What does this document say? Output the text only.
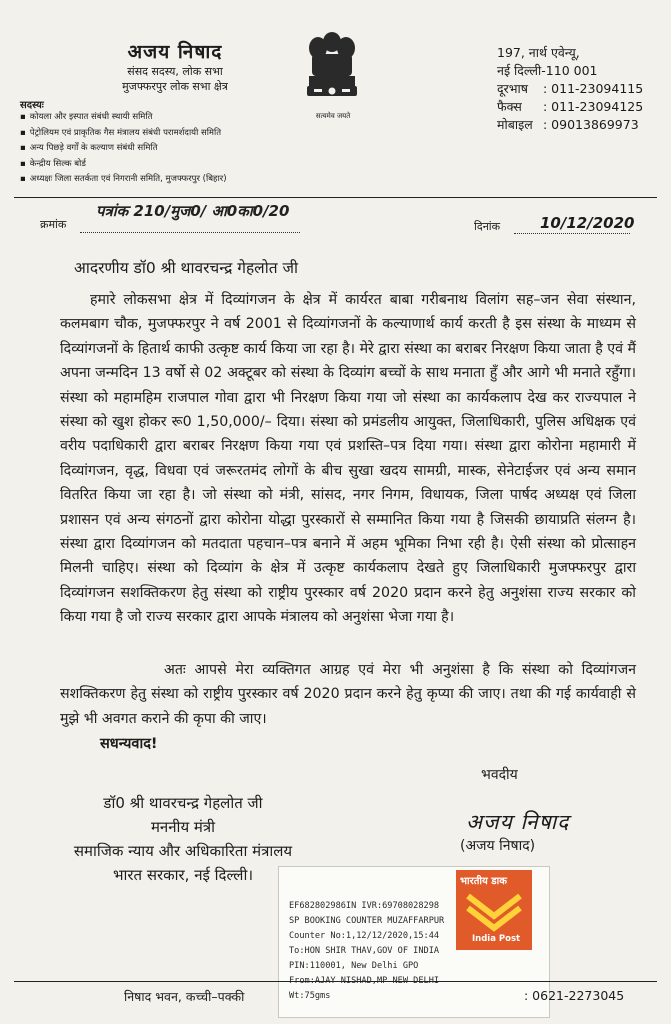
अजय निषाद
संसद सदस्य, लोक सभा
मुजफ्फरपुर लोक सभा क्षेत्र
सत्यमेव जयते
197, नार्थ एवेन्यू,
नई दिल्ली-110 001
दूरभाष : 011-23094115
फैक्स : 011-23094125
मोबाइल : 09013869973
सदस्यः
▪ कोयला और इस्पात संबंधी स्थायी समिति
▪ पेट्रोलियम एवं प्राकृतिक गैस मंत्रालय संबंधी परामर्शदायी समिति
▪ अन्य पिछड़े वर्गों के कल्याण संबंधी समिति
▪ केन्द्रीय सिल्क बोर्ड
▪ अध्यक्षः जिला सतर्कता एवं निगरानी समिति, मुजफ्फरपुर (बिहार)
क्रमांक
पत्रांक 210/मुज0/ आ0का0/20
दिनांक	10/12/2020
आदरणीय डॉ0 श्री थावरचन्द्र गेहलोत जी
हमारे लोकसभा क्षेत्र में दिव्यांगजन के क्षेत्र में कार्यरत बाबा गरीबनाथ विलांग सह–जन सेवा संस्थान, कलमबाग चौक, मुजफ्फरपुर ने वर्ष 2001 से दिव्यांगजनों के कल्याणार्थ कार्य करती है इस संस्था के माध्यम से दिव्यांगजनों के हितार्थ काफी उत्कृष्ट कार्य किया जा रहा है। मेरे द्वारा संस्था का बराबर निरक्षण किया जाता है एवं मैं अपना जन्मदिन 13 वर्षो से 02 अक्टूबर को संस्था के दिव्यांग बच्चों के साथ मनाता हुँ और आगे भी मनाते रहुँगा। संस्था को महामहिम राजपाल गोवा द्वारा भी निरक्षण किया गया जो संस्था का कार्यकलाप देख कर राज्यपाल ने संस्था को खुश होकर रू0 1,50,000/– दिया। संस्था को प्रमंडलीय आयुक्त, जिलाधिकारी, पुलिस अधिक्षक एवं वरीय पदाधिकारी द्वारा बराबर निरक्षण किया गया एवं प्रशस्ति–पत्र दिया गया। संस्था द्वारा कोरोना महामारी में दिव्यांगजन, वृद्ध, विधवा एवं जरूरतमंद लोगों के बीच सुखा खदय सामग्री, मास्क, सेनेटाईजर एवं अन्य समान वितरित किया जा रहा है। जो संस्था को मंत्री, सांसद, नगर निगम, विधायक, जिला पार्षद अध्यक्ष एवं जिला प्रशासन एवं अन्य संगठनों द्वारा कोरोना योद्धा पुरस्कारों से सम्मानित किया गया है जिसकी छायाप्रति संलग्न है। संस्था द्वारा दिव्यांगजन को मतदाता पहचान–पत्र बनाने में अहम भूमिका निभा रही है। ऐसी संस्था को प्रोत्साहन मिलनी चाहिए। संस्था को दिव्यांग के क्षेत्र में उत्कृष्ट कार्यकलाप देखते हुए जिलाधिकारी मुजफ्फरपुर द्वारा दिव्यांगजन सशक्तिकरण हेतु संस्था को राष्ट्रीय पुरस्कार वर्ष 2020 प्रदान करने हेतु अनुशंसा राज्य सरकार को किया गया है जो राज्य सरकार द्वारा आपके मंत्रालय को अनुशंसा भेजा गया है।
अतः आपसे मेरा व्यक्तिगत आग्रह एवं मेरा भी अनुशंसा है कि संस्था को दिव्यांगजन सशक्तिकरण हेतु संस्था को राष्ट्रीय पुरस्कार वर्ष 2020 प्रदान करने हेतु कृप्या की जाए। तथा की गई कार्यवाही से मुझे भी अवगत कराने की कृपा की जाए।
सधन्यवाद!
भवदीय
अजय निषाद
(अजय निषाद)
डॉ0 श्री थावरचन्द्र गेहलोत जी
मननीय मंत्री
समाजिक न्याय और अधिकारिता मंत्रालय
भारत सरकार, नई दिल्ली।
EF682802986IN IVR:69708028298
SP BOOKING COUNTER MUZAFFARPUR
Counter No:1,12/12/2020,15:44
To:HON SHIR THAV,GOV OF INDIA
PIN:110001, New Delhi GPO
From:AJAY NISHAD,MP NEW DELHI
Wt:75gms
भारतीय डाक
India Post
निषाद भवन, कच्ची–पक्की	: 0621-2273045
